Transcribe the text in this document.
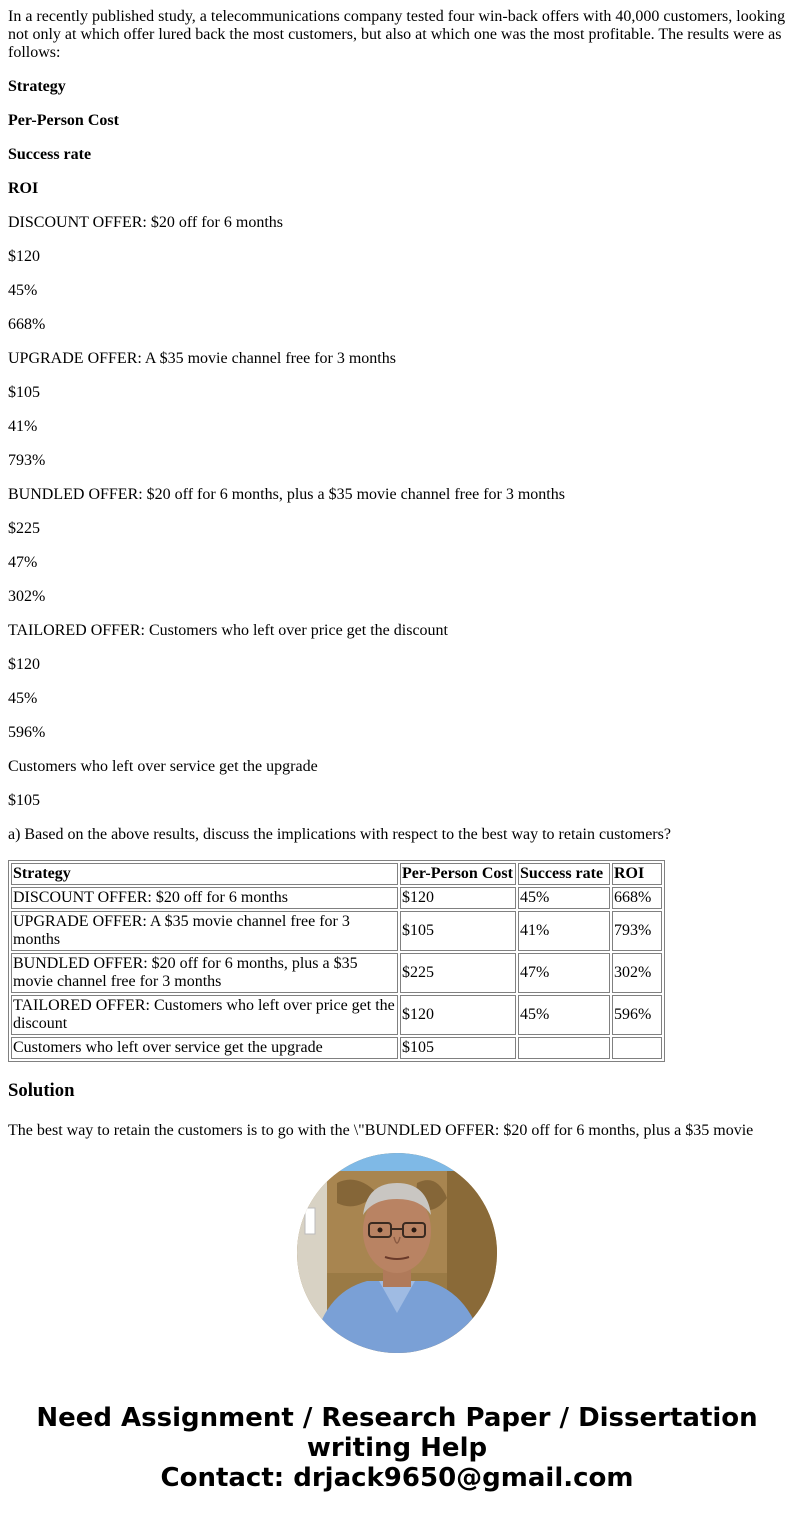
In a recently published study, a telecommunications company tested four win-back offers with 40,000 customers, looking not only at which offer lured back the most customers, but also at which one was the most profitable. The results were as follows:

Strategy

Per-Person Cost

Success rate

ROI

DISCOUNT OFFER: $20 off for 6 months

$120

45%

668%

UPGRADE OFFER: A $35 movie channel free for 3 months

$105

41%

793%

BUNDLED OFFER: $20 off for 6 months, plus a $35 movie channel free for 3 months

$225

47%

302%

TAILORED OFFER: Customers who left over price get the discount

$120

45%

596%

Customers who left over service get the upgrade

$105

a) Based on the above results, discuss the implications with respect to the best way to retain customers?

Strategy	Per-Person Cost	Success rate	ROI
DISCOUNT OFFER: $20 off for 6 months	$120	45%	668%
UPGRADE OFFER: A $35 movie channel free for 3 months	$105	41%	793%
BUNDLED OFFER: $20 off for 6 months, plus a $35 movie channel free for 3 months	$225	47%	302%
TAILORED OFFER: Customers who left over price get the discount	$120	45%	596%
Customers who left over service get the upgrade	$105		
Solution
The best way to retain the customers is to go with the \"BUNDLED OFFER: $20 off for 6 months, plus a $35 movie
Need Assignment / Research Paper / Dissertation
writing Help
Contact: drjack9650@gmail.com
